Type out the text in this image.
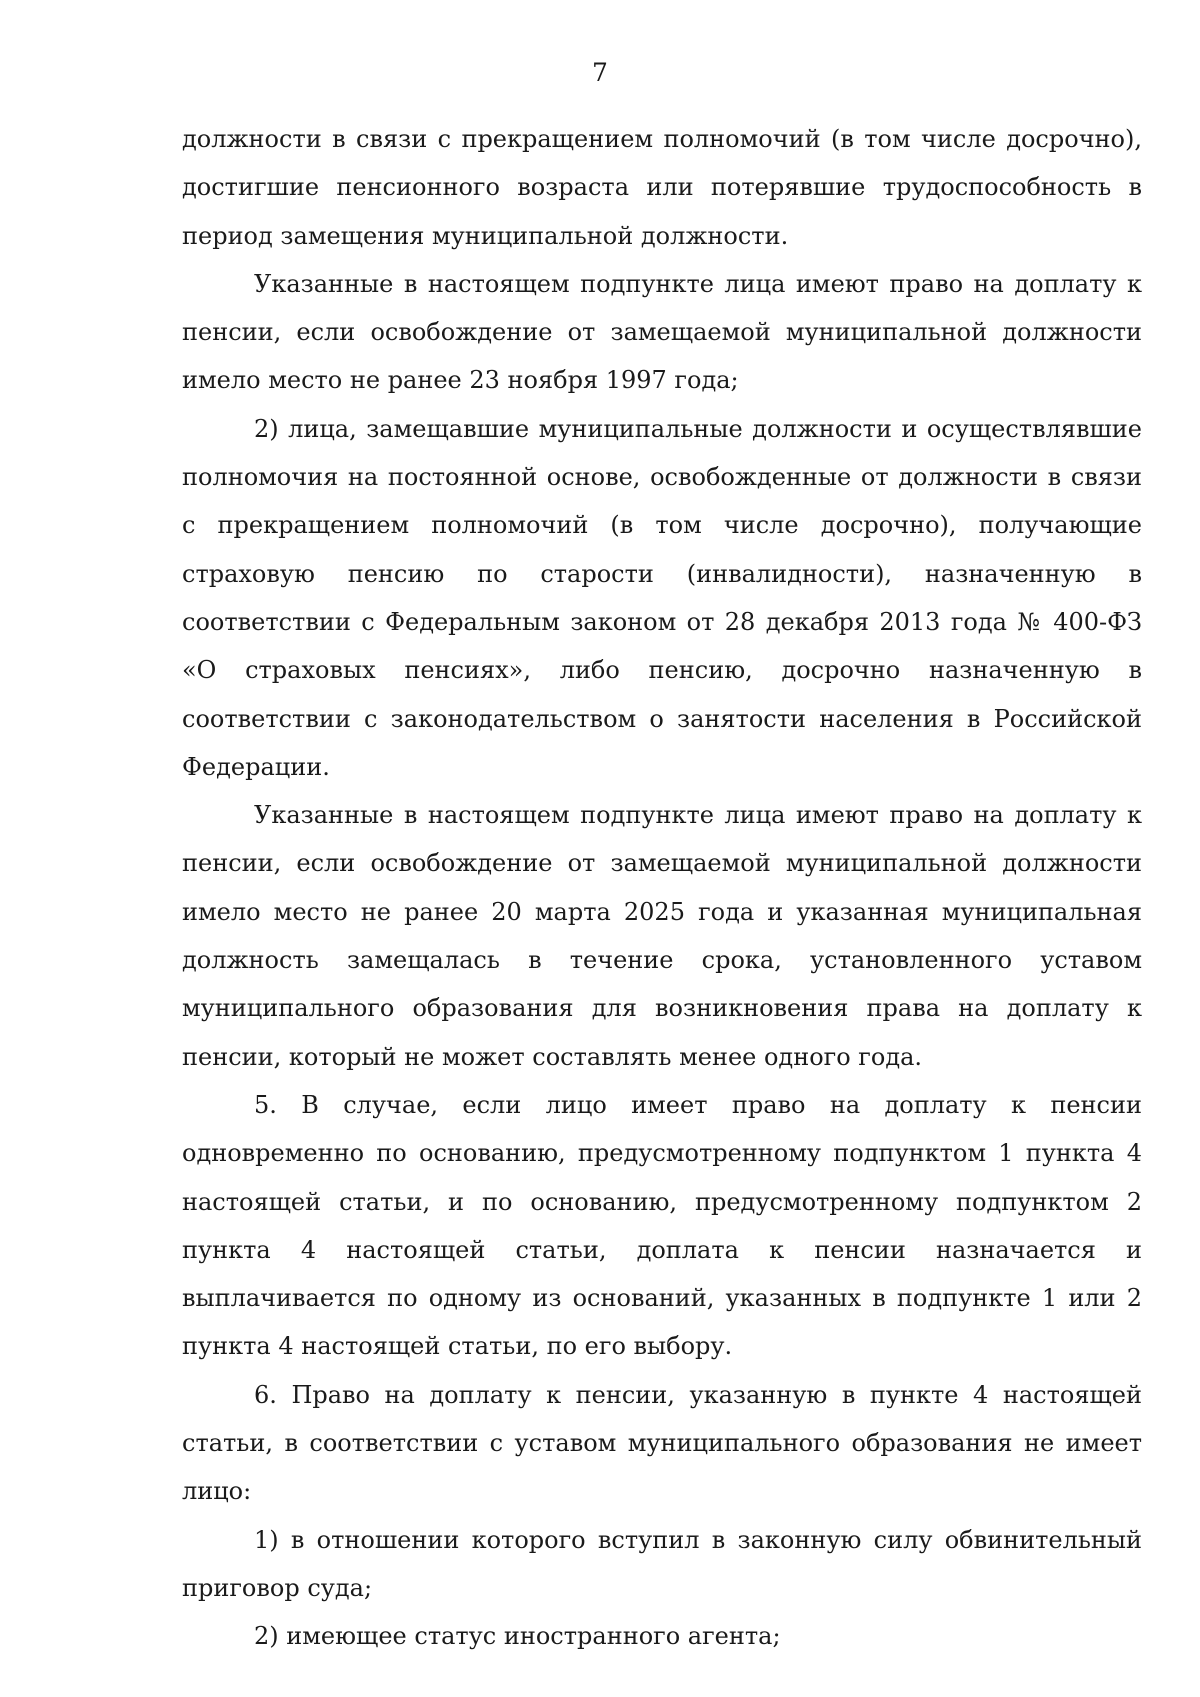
7

должности в связи с прекращением полномочий (в том числе досрочно), достигшие пенсионного возраста или потерявшие трудоспособность в период замещения муниципальной должности.

Указанные в настоящем подпункте лица имеют право на доплату к пенсии, если освобождение от замещаемой муниципальной должности имело место не ранее 23 ноября 1997 года;

2) лица, замещавшие муниципальные должности и осуществлявшие полномочия на постоянной основе, освобожденные от должности в связи с прекращением полномочий (в том числе досрочно), получающие страховую пенсию по старости (инвалидности), назначенную в соответствии с Федеральным законом от 28 декабря 2013 года № 400-ФЗ «О страховых пенсиях», либо пенсию, досрочно назначенную в соответствии с законодательством о занятости населения в Российской Федерации.

Указанные в настоящем подпункте лица имеют право на доплату к пенсии, если освобождение от замещаемой муниципальной должности имело место не ранее 20 марта 2025 года и указанная муниципальная должность замещалась в течение срока, установленного уставом муниципального образования для возникновения права на доплату к пенсии, который не может составлять менее одного года.

5. В случае, если лицо имеет право на доплату к пенсии одновременно по основанию, предусмотренному подпунктом 1 пункта 4 настоящей статьи, и по основанию, предусмотренному подпунктом 2 пункта 4 настоящей статьи, доплата к пенсии назначается и выплачивается по одному из оснований, указанных в подпункте 1 или 2 пункта 4 настоящей статьи, по его выбору.

6. Право на доплату к пенсии, указанную в пункте 4 настоящей статьи, в соответствии с уставом муниципального образования не имеет лицо:

1) в отношении которого вступил в законную силу обвинительный приговор суда;

2) имеющее статус иностранного агента;
